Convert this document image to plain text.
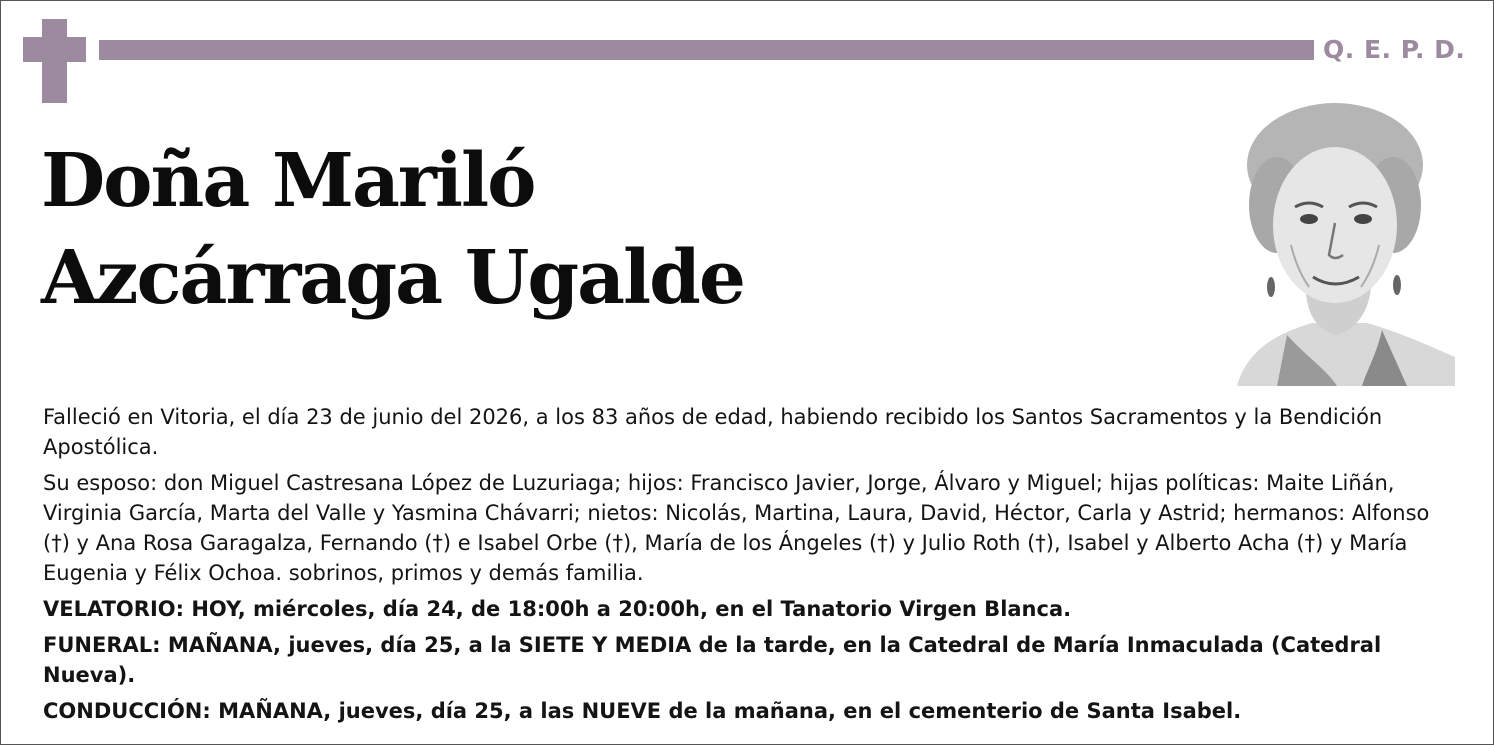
Q. E. P. D.
Doña Mariló
Azcárraga Ugalde

Falleció en Vitoria, el día 23 de junio del 2026, a los 83 años de edad, habiendo recibido los Santos Sacramentos y la Bendición Apostólica.

Su esposo: don Miguel Castresana López de Luzuriaga; hijos: Francisco Javier, Jorge, Álvaro y Miguel; hijas políticas: Maite Liñán, Virginia García, Marta del Valle y Yasmina Chávarri; nietos: Nicolás, Martina, Laura, David, Héctor, Carla y Astrid; hermanos: Alfonso (†) y Ana Rosa Garagalza, Fernando (†) e Isabel Orbe (†), María de los Ángeles (†) y Julio Roth (†), Isabel y Alberto Acha (†) y María Eugenia y Félix Ochoa. sobrinos, primos y demás familia.

VELATORIO: HOY, miércoles, día 24, de 18:00h a 20:00h, en el Tanatorio Virgen Blanca.

FUNERAL: MAÑANA, jueves, día 25, a la SIETE Y MEDIA de la tarde, en la Catedral de María Inmaculada (Catedral Nueva).

CONDUCCIÓN: MAÑANA, jueves, día 25, a las NUEVE de la mañana, en el cementerio de Santa Isabel.
